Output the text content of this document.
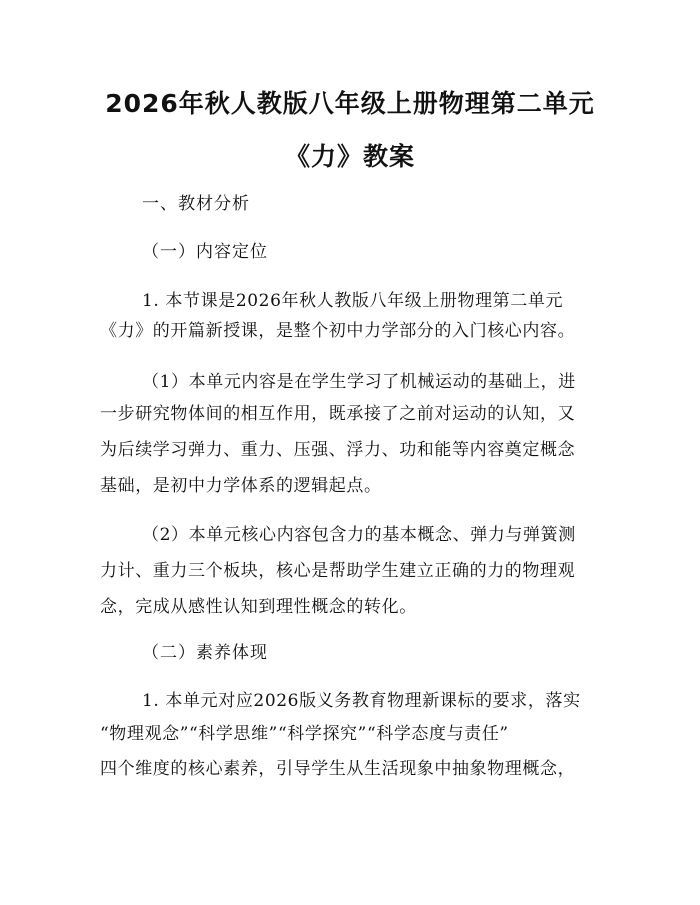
2026年秋人教版八年级上册物理第二单元
《力》教案
一、教材分析
（一）内容定位
1. 本节课是2026年秋人教版八年级上册物理第二单元
《力》的开篇新授课，是整个初中力学部分的入门核心内容。
（1）本单元内容是在学生学习了机械运动的基础上，进
一步研究物体间的相互作用，既承接了之前对运动的认知，又
为后续学习弹力、重力、压强、浮力、功和能等内容奠定概念
基础，是初中力学体系的逻辑起点。
（2）本单元核心内容包含力的基本概念、弹力与弹簧测
力计、重力三个板块，核心是帮助学生建立正确的力的物理观
念，完成从感性认知到理性概念的转化。
（二）素养体现
1. 本单元对应2026版义务教育物理新课标的要求，落实
“物理观念”“科学思维”“科学探究”“科学态度与责任”
四个维度的核心素养，引导学生从生活现象中抽象物理概念，
